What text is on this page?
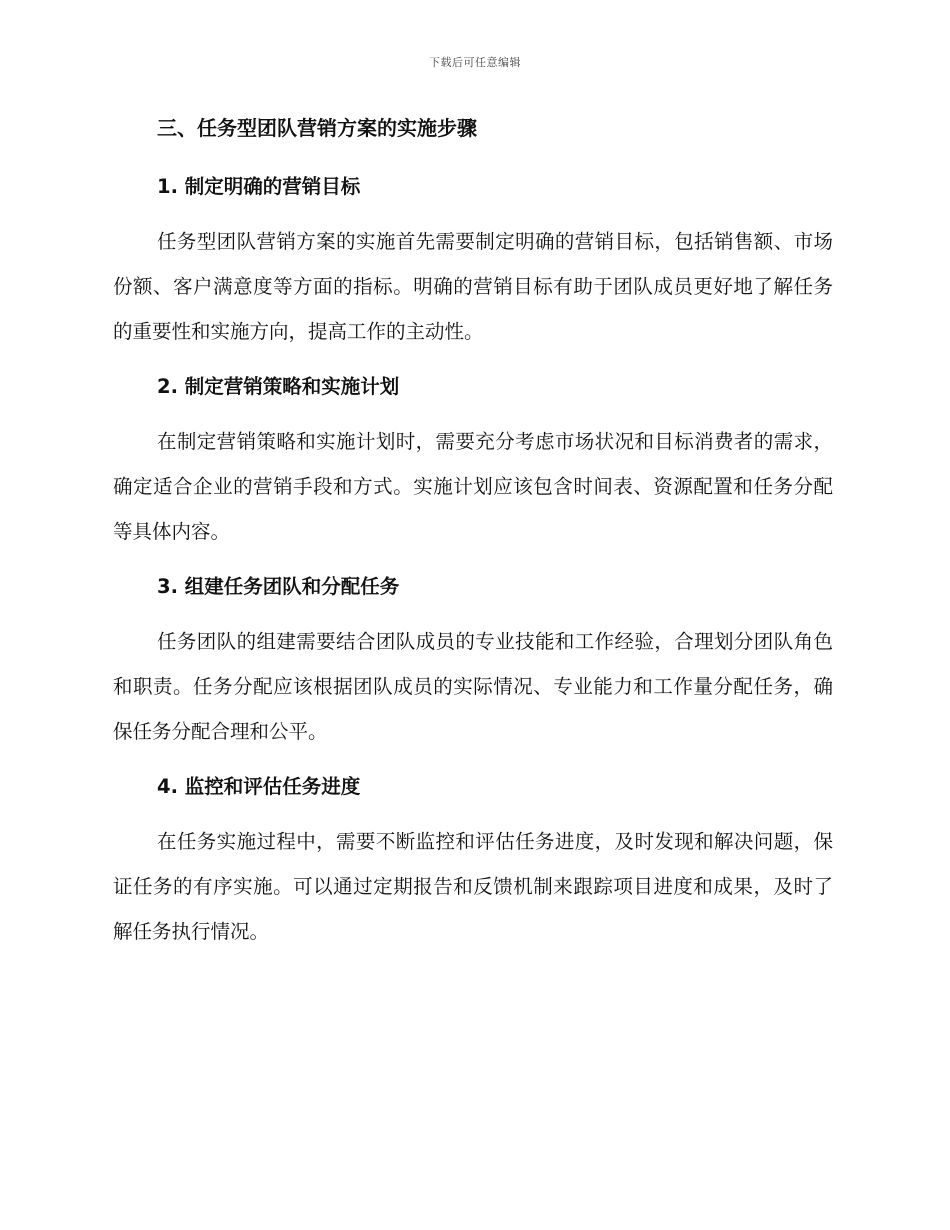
下载后可任意编辑
三、任务型团队营销方案的实施步骤
1. 制定明确的营销目标

任务型团队营销方案的实施首先需要制定明确的营销目标，包括销售额、市场份额、客户满意度等方面的指标。明确的营销目标有助于团队成员更好地了解任务的重要性和实施方向，提高工作的主动性。

2. 制定营销策略和实施计划

在制定营销策略和实施计划时，需要充分考虑市场状况和目标消费者的需求，确定适合企业的营销手段和方式。实施计划应该包含时间表、资源配置和任务分配等具体内容。

3. 组建任务团队和分配任务

任务团队的组建需要结合团队成员的专业技能和工作经验，合理划分团队角色和职责。任务分配应该根据团队成员的实际情况、专业能力和工作量分配任务，确保任务分配合理和公平。

4. 监控和评估任务进度

在任务实施过程中，需要不断监控和评估任务进度，及时发现和解决问题，保证任务的有序实施。可以通过定期报告和反馈机制来跟踪项目进度和成果，及时了解任务执行情况。
